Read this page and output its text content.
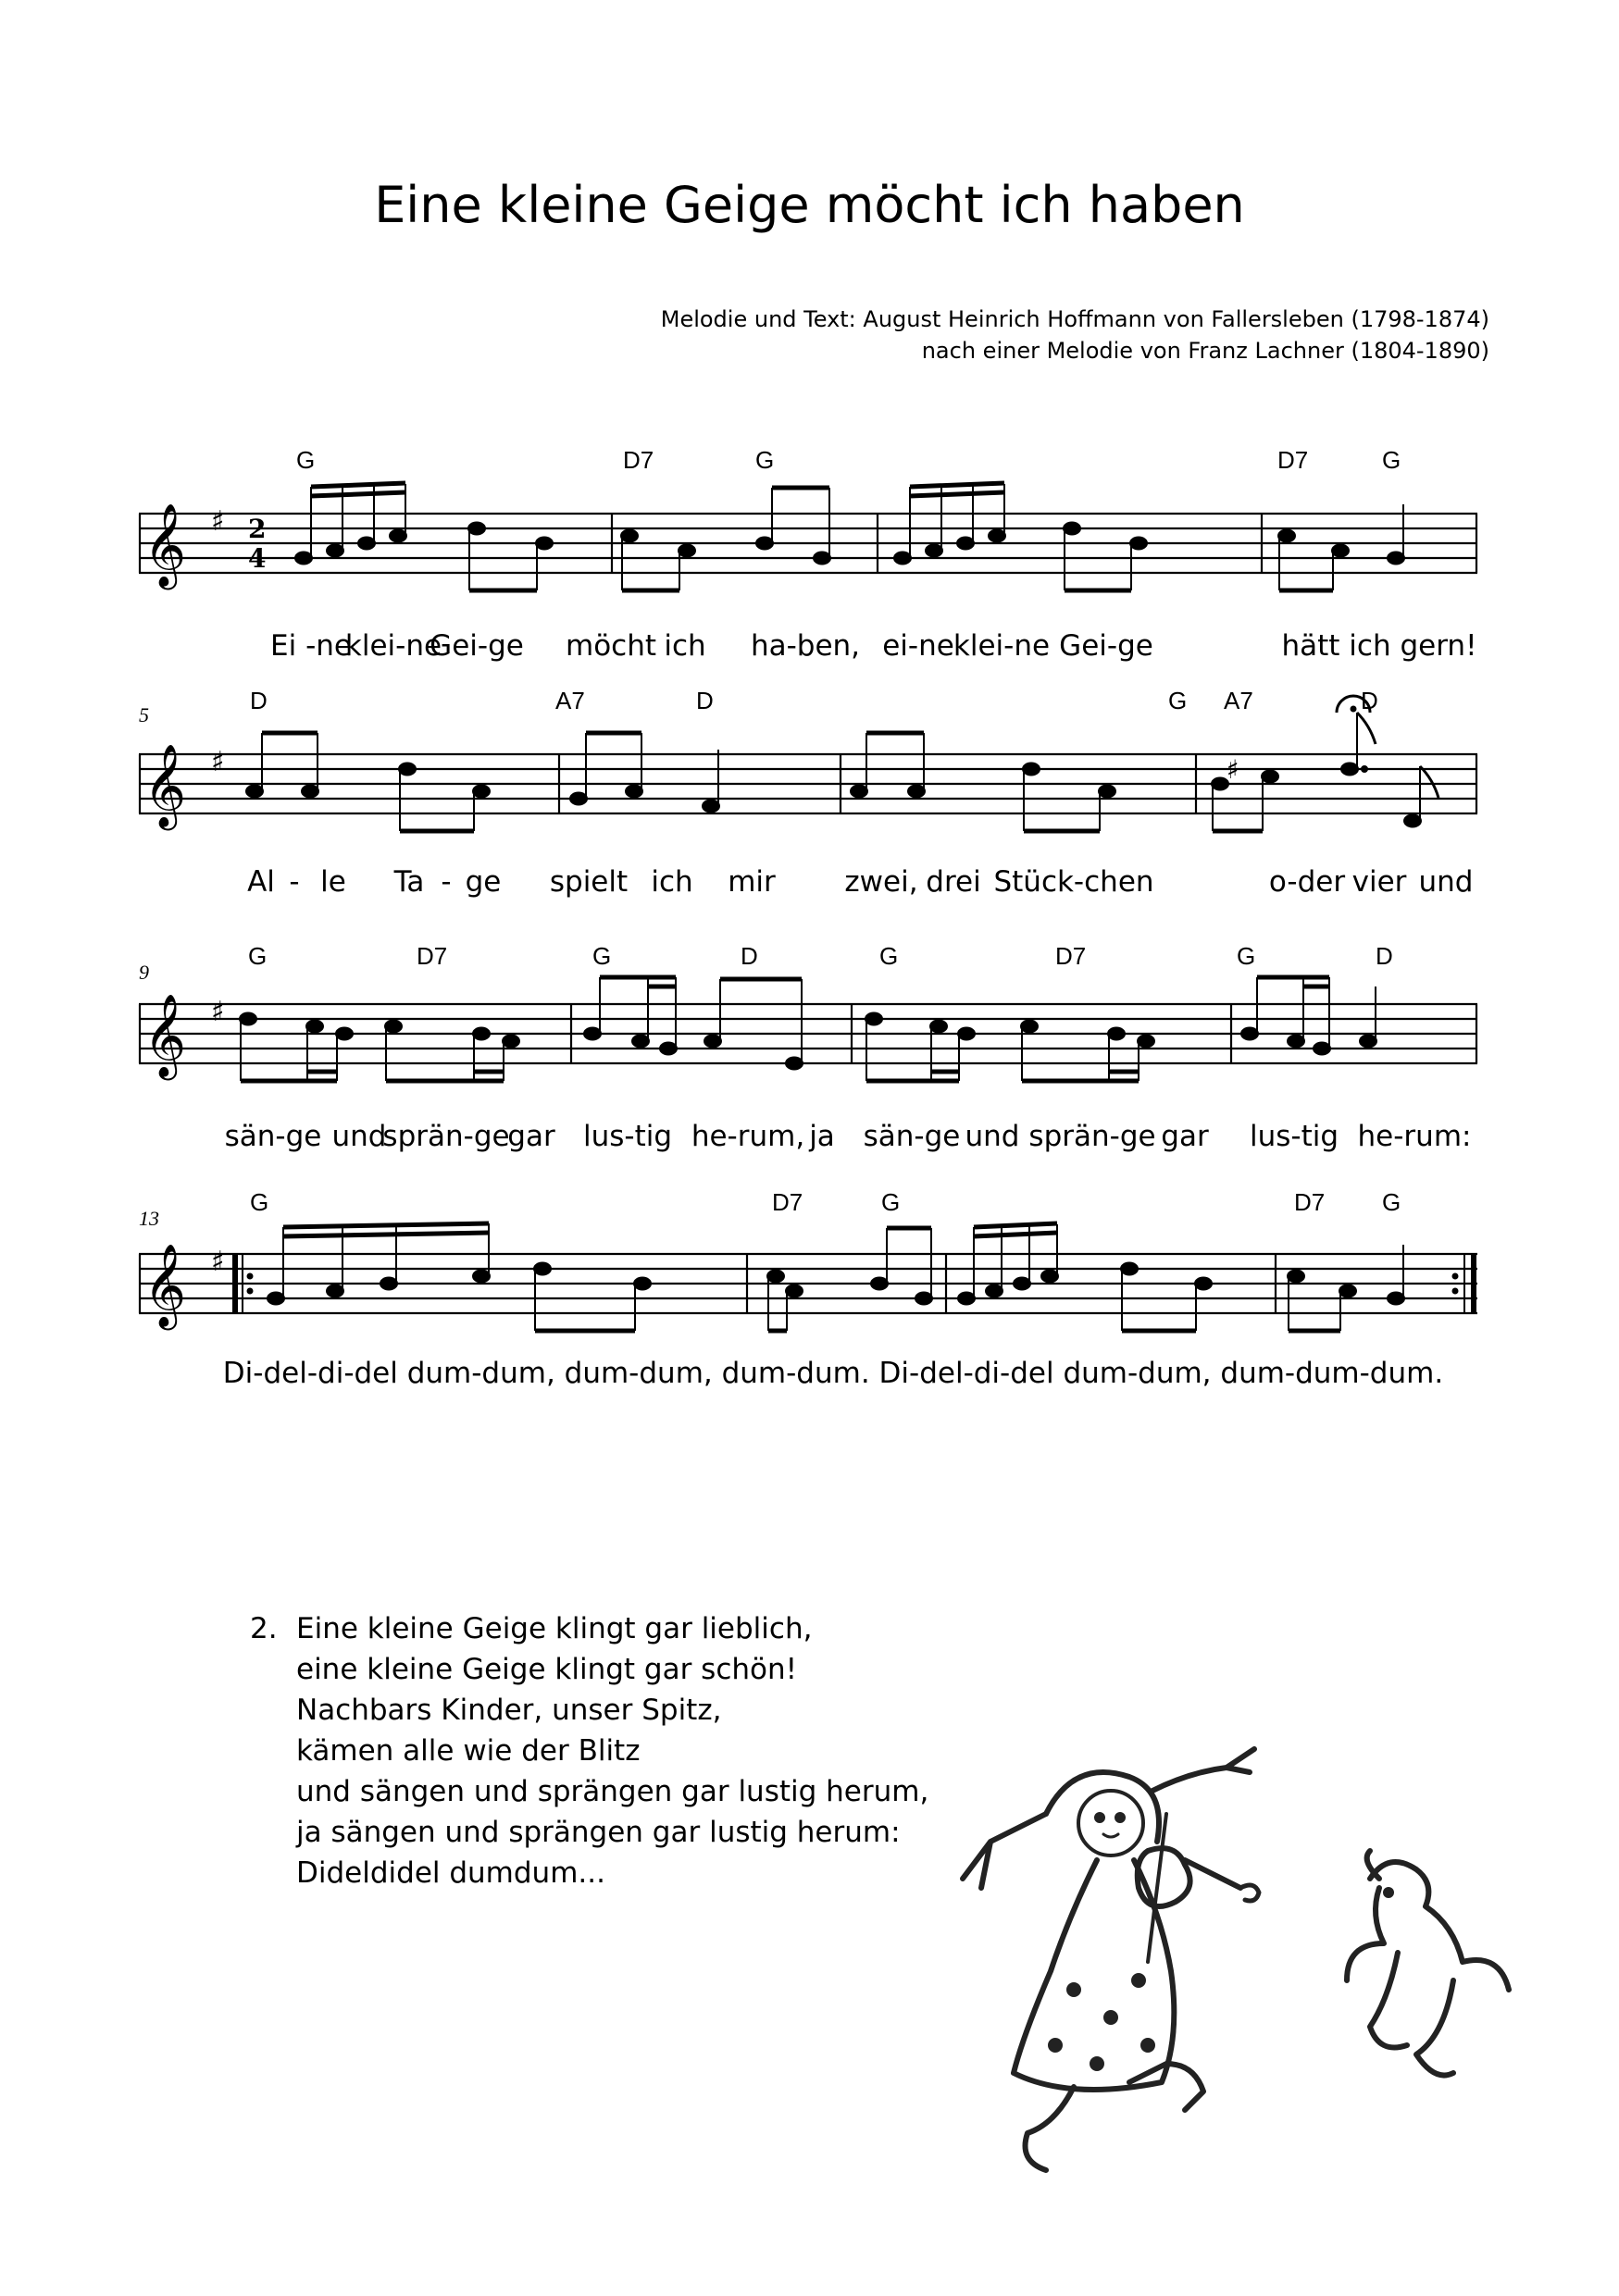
Eine kleine Geige möcht ich haben
Melodie und Text: August Heinrich Hoffmann von Fallersleben (1798-1874)
nach einer Melodie von Franz Lachner (1804-1890)
G	D7	G	D7	G
𝄞 ♯ 2
4
Ei -ne
klei-ne
Gei-ge möcht ich ha-ben, ei-ne klei-ne Gei-ge	hätt ich gern!
5
D	A7	D	G A7	D
𝄞 ♯	♯
Al - le Ta - ge spielt ich mir zwei, drei Stück-chen	o-der vier und
9
G	D7	G	D	G	D7	G	D
𝄞 ♯
sän-ge und
sprän-ge
gar lus-tig he-rum, ja sän-ge und sprän-ge gar lus-tig he-rum:
13
G	D7	G	D7 G
𝄞 ♯
Di-del-di-del dum-dum, dum-dum, dum-dum. Di-del-di-del dum-dum, dum-dum-dum.
2. Eine kleine Geige klingt gar lieblich,
eine kleine Geige klingt gar schön!
Nachbars Kinder, unser Spitz,
kämen alle wie der Blitz
und sängen und sprängen gar lustig herum,
ja sängen und sprängen gar lustig herum:
Dideldidel dumdum...
